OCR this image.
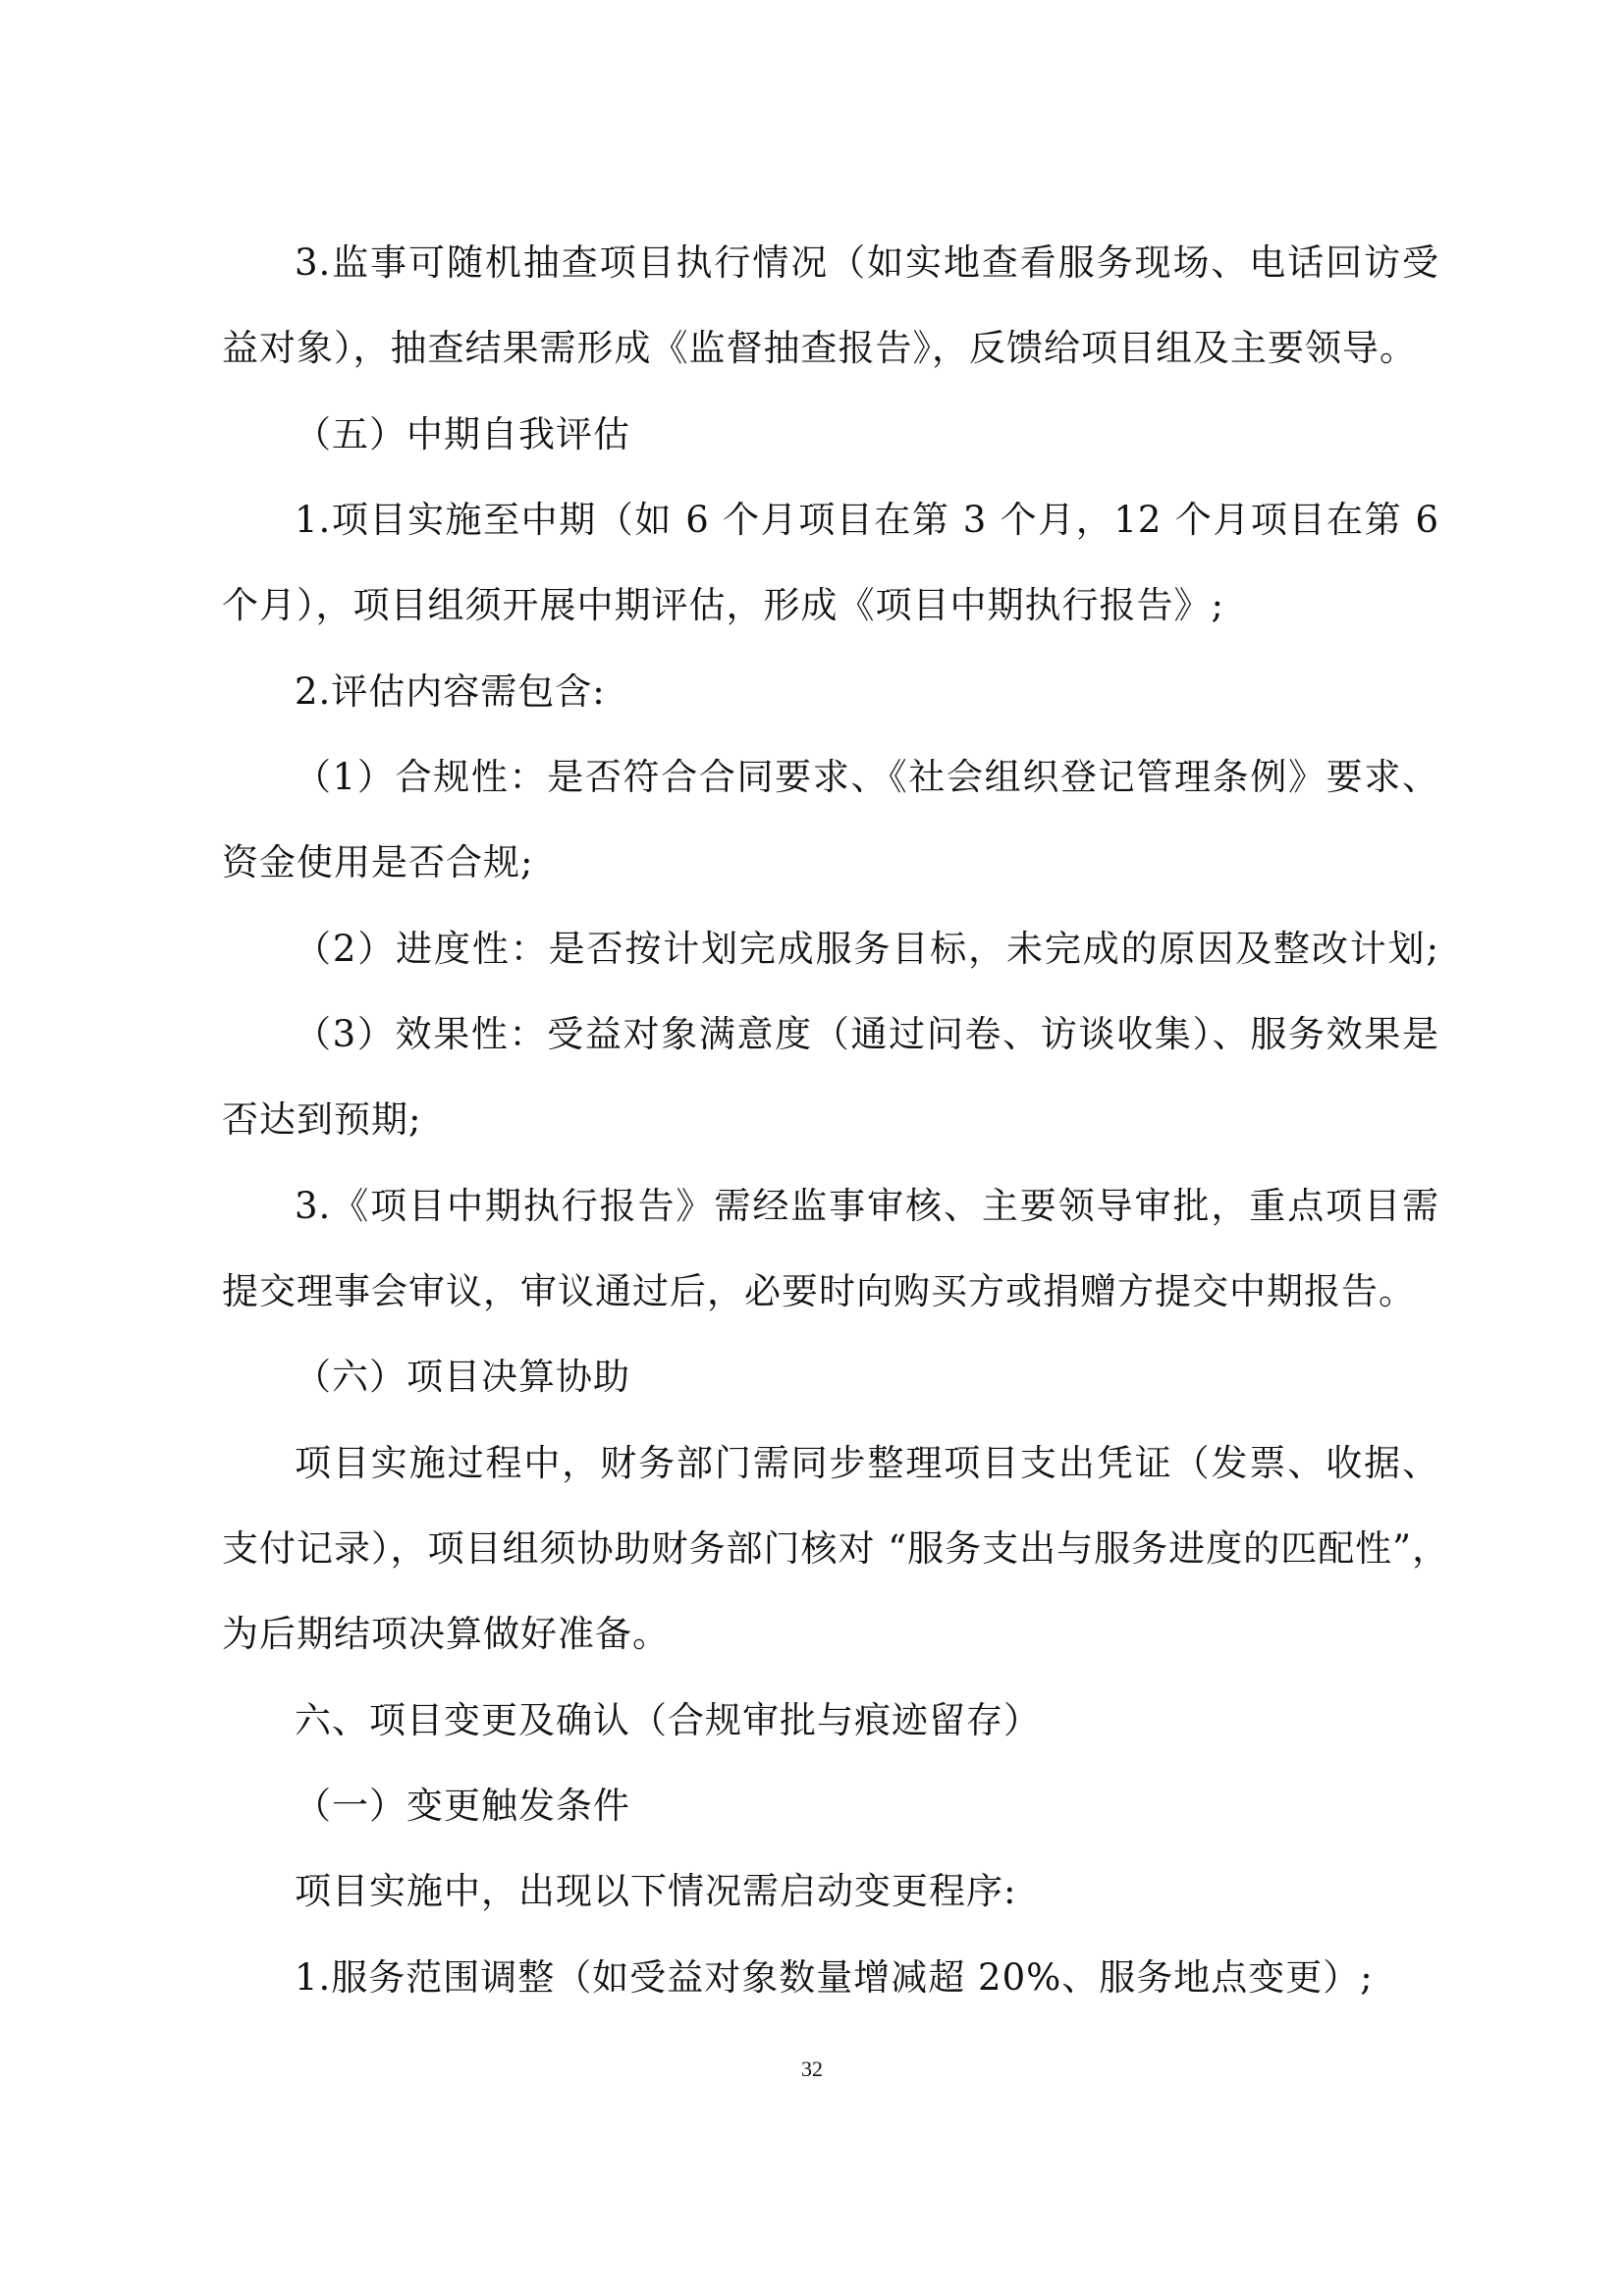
3.监事可随机抽查项目执行情况（如实地查看服务现场、电话回访受
益对象），抽查结果需形成《监督抽查报告》，反馈给项目组及主要领导。
（五）中期自我评估
1.项目实施至中期（如 6 个月项目在第 3 个月，12 个月项目在第 6
个月），项目组须开展中期评估，形成《项目中期执行报告》;
2.评估内容需包含:
（1）合规性：是否符合合同要求、《社会组织登记管理条例》要求、
资金使用是否合规;
（2）进度性：是否按计划完成服务目标，未完成的原因及整改计划;
（3）效果性：受益对象满意度（通过问卷、访谈收集）、服务效果是
否达到预期;
3.《项目中期执行报告》需经监事审核、主要领导审批，重点项目需
提交理事会审议，审议通过后，必要时向购买方或捐赠方提交中期报告。
（六）项目决算协助
项目实施过程中，财务部门需同步整理项目支出凭证（发票、收据、
支付记录），项目组须协助财务部门核对 “服务支出与服务进度的匹配性”，
为后期结项决算做好准备。
六、项目变更及确认（合规审批与痕迹留存）
（一）变更触发条件
项目实施中，出现以下情况需启动变更程序:
1.服务范围调整（如受益对象数量增减超 20%、服务地点变更）;
32
